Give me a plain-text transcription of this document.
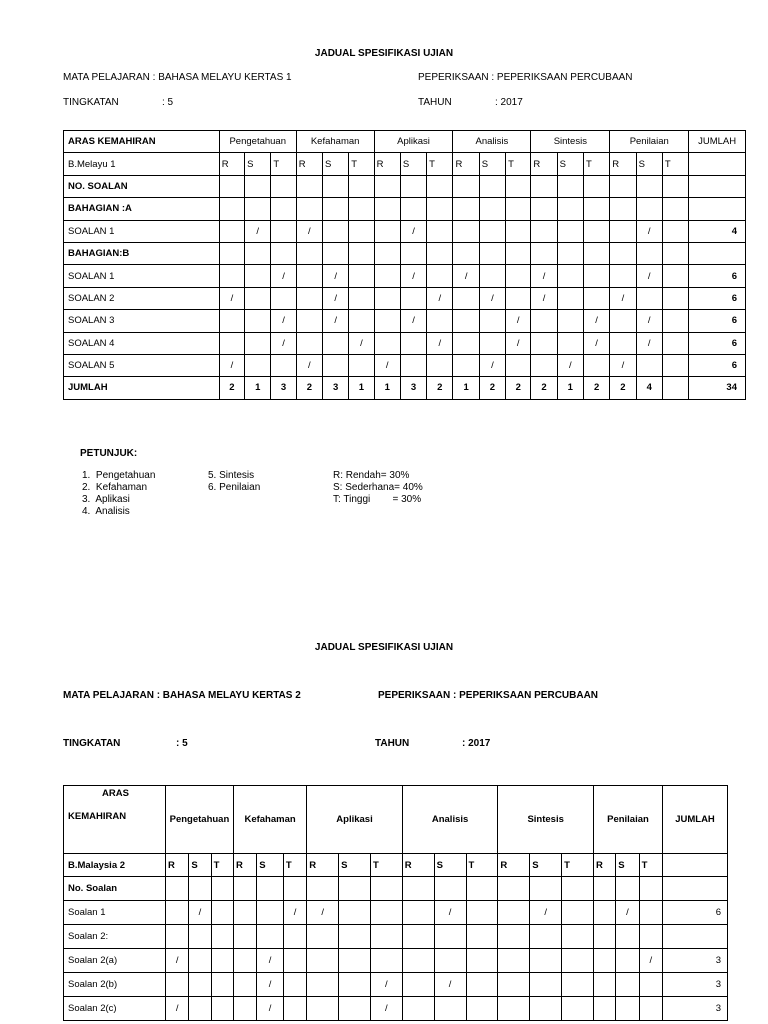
JADUAL SPESIFIKASI UJIAN
MATA PELAJARAN : BAHASA MELAYU KERTAS 1	PEPERIKSAAN : PEPERIKSAAN PERCUBAAN
TINGKATAN	: 5	TAHUN	: 2017
ARAS KEMAHIRAN	Pengetahuan			Kefahaman			Aplikasi			Analisis			Sintesis			Penilaian			JUMLAH
B.Melayu 1	R	S	T	R	S	T	R	S	T	R	S	T	R	S	T	R	S	T	
NO. SOALAN																			
BAHAGIAN :A																			
SOALAN 1		/		/				/									/		4
BAHAGIAN:B																			
SOALAN 1			/		/			/		/			/				/		6
SOALAN 2	/				/				/		/		/			/			6
SOALAN 3			/		/			/				/			/		/		6
SOALAN 4			/			/			/			/			/		/		6
SOALAN 5	/			/			/				/			/		/			6
JUMLAH	2	1	3	2	3	1	1	3	2	1	2	2	2	1	2	2	4		34
PETUNJUK:
1.  Pengetahuan
2.  Kefahaman
3.  Aplikasi
4.  Analisis
5. Sintesis
6. Penilaian
R: Rendah= 30%
S: Sederhana= 40%
T: Tinggi        = 30%
JADUAL SPESIFIKASI UJIAN
MATA PELAJARAN : BAHASA MELAYU KERTAS 2	PEPERIKSAAN : PEPERIKSAAN PERCUBAAN
TINGKATAN	: 5	TAHUN	: 2017
ARAS
KEMAHIRAN	Pengetahuan			Kefahaman			Aplikasi			Analisis			Sintesis			Penilaian			JUMLAH
B.Malaysia 2	R	S	T	R	S	T	R	S	T	R	S	T	R	S	T	R	S	T	
No. Soalan																			
Soalan 1		/				/	/				/			/			/		6
Soalan 2:																			
Soalan 2(a)	/				/													/	3
Soalan 2(b)					/				/		/								3
Soalan 2(c)	/				/				/										3
